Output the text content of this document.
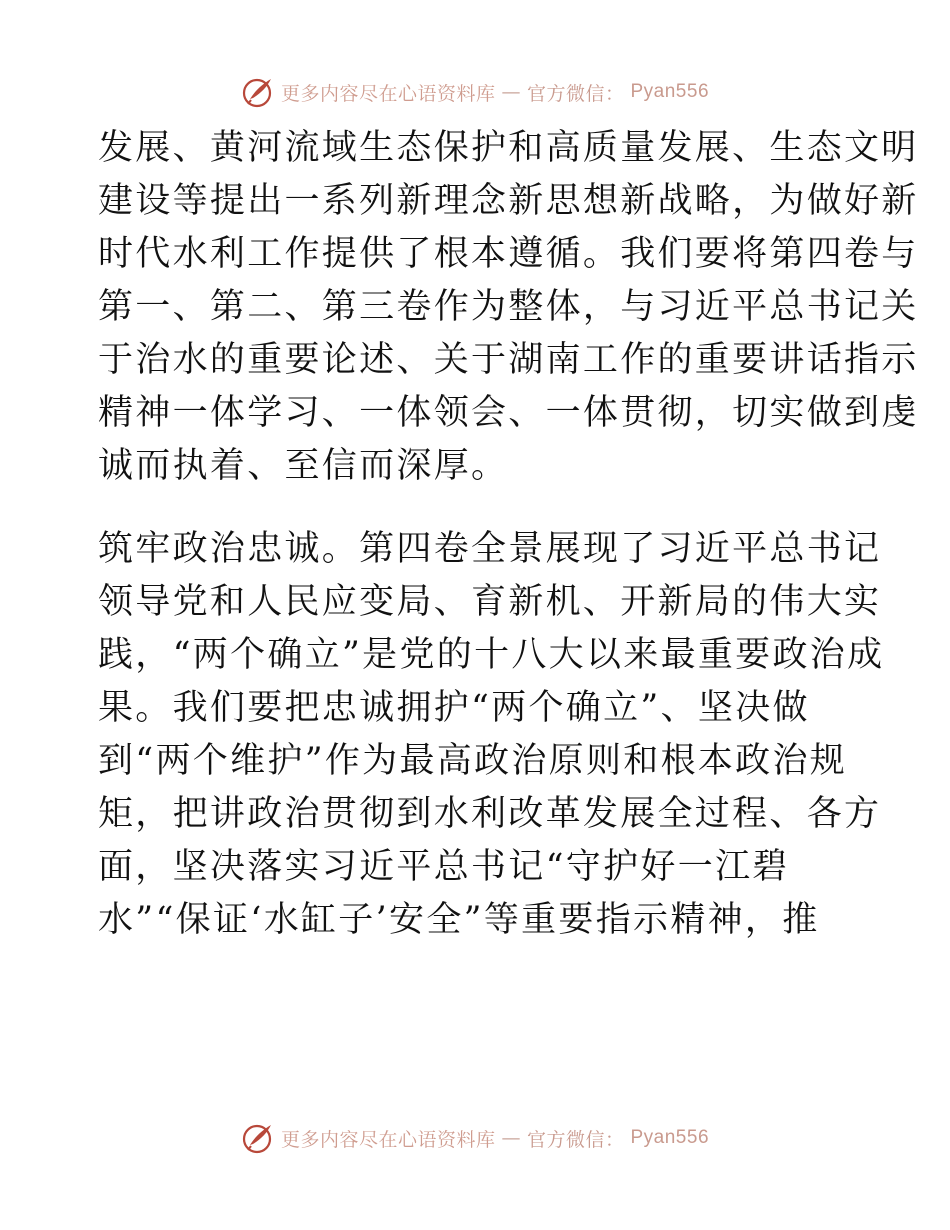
更多内容尽在心语资料库 — 官方微信： Pyan556
发展、黄河流域生态保护和高质量发展、生态文明
建设等提出一系列新理念新思想新战略，为做好新
时代水利工作提供了根本遵循。我们要将第四卷与
第一、第二、第三卷作为整体，与习近平总书记关
于治水的重要论述、关于湖南工作的重要讲话指示
精神一体学习、一体领会、一体贯彻，切实做到虔
诚而执着、至信而深厚。
筑牢政治忠诚。第四卷全景展现了习近平总书记
领导党和人民应变局、育新机、开新局的伟大实
践，“两个确立”是党的十八大以来最重要政治成
果。我们要把忠诚拥护“两个确立”、坚决做
到“两个维护”作为最高政治原则和根本政治规
矩，把讲政治贯彻到水利改革发展全过程、各方
面，坚决落实习近平总书记“守护好一江碧
水”“保证‘水缸子’安全”等重要指示精神，推
更多内容尽在心语资料库 — 官方微信： Pyan556
